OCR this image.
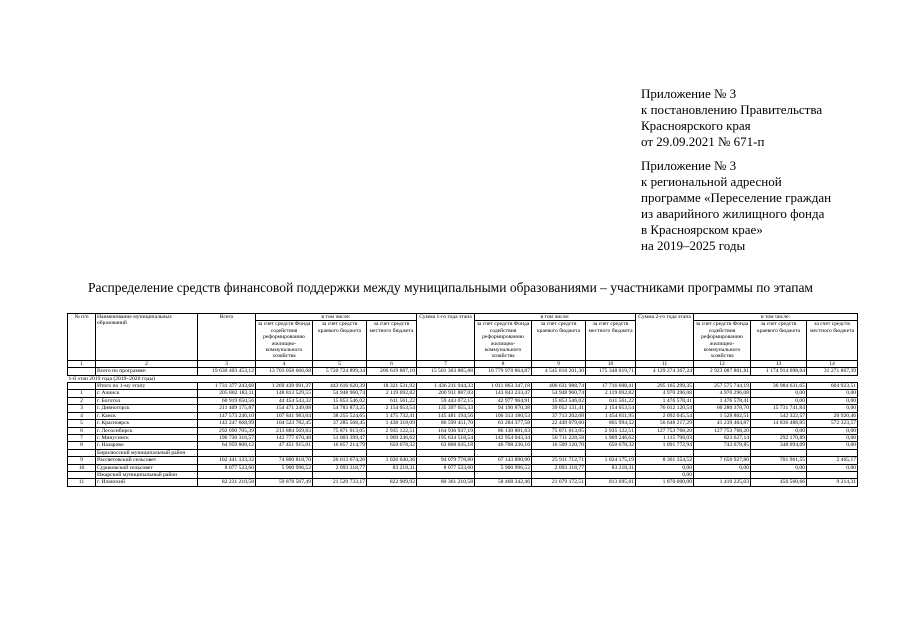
Приложение № 3
к постановлению Правительства
Красноярского края
от 29.09.2021 № 671-п
Приложение № 3
к региональной адресной
программе «Переселение граждан
из аварийного жилищного фонда
в Красноярском крае»
на 2019–2025 годы
Распределение средств финансовой поддержки между муниципальными образованиями – участниками программы по этапам
№ п/п	Наименование муниципальных образований	Всего	в том числе:			Сумма 1-го года этапа	в том числе:			Сумма 2-го года этапа	в том числе:		
			за счет средств Фонда содействия реформированию жилищно-коммунального хозяйства	за счет средств краевого бюджета	за счет средств местного бюджета		за счет средств Фонда содействия реформированию жилищно-коммунального хозяйства	за счет средств краевого бюджета	за счет средств местного бюджета		за счет средств Фонда содействия реформированию жилищно-коммунального хозяйства	за счет средств краевого бюджета	за счет средств местного бюджета
1	2	3	4	5	6	7	8	9	10	11	12	13	14
	Всего по программе:	19 630 403 453,12	13 703 058 666,68	5 720 724 899,34	206 619 887,10	15 501 303 885,88	10 779 970 864,87	4 545 810 201,30	175 348 019,71	4 129 274 367,24	2 923 087 801,81	1 174 914 698,04	31 271 867,39
1-й этап 2019 года (2019–2020 годы)													
	Итого по 1-му этапу	1 731 377 243,68	1 269 439 091,37	443 616 620,39	18 321 531,92	1 436 211 944,33	1 011 863 347,18	406 631 988,74	17 716 608,41	295 165 299,35	257 575 744,19	36 984 631,65	604 923,51
1	г. Ачинск	205 882 183,11	148 813 529,55	54 948 960,74	2 119 692,82	200 911 887,03	143 843 233,47	54 948 960,74	2 119 692,82	4 970 296,08	4 970 296,08	0,00	0,00
2	г. Боготол	60 919 650,56	44 454 543,32	15 853 546,02	611 561,22	59 443 072,15	42 977 964,91	15 853 546,02	611 561,22	1 476 578,41	1 476 578,41	0,00	0,00
3	г. Дивногорск	211 409 175,87	154 471 249,08	54 783 873,25	2 154 053,54	135 397 055,33	94 190 870,38	39 052 131,41	2 154 053,54	76 012 120,54	60 280 378,70	15 731 741,84	0,00
4	г. Канск	147 573 240,10	107 841 983,04	38 255 524,65	1 475 732,41	145 481 194,56	106 313 180,53	37 713 202,08	1 454 811,95	2 092 045,54	1 528 802,51	542 322,57	20 920,46
5	г. Красноярск	143 247 668,99	104 523 782,45	37 285 568,45	1 438 318,09	86 599 451,70	63 284 377,58	22 449 079,60	865 994,52	56 648 217,29	41 239 404,87	14 836 488,85	572 323,57
6	г. Лесосибирск	292 690 705,39	213 884 569,83	75 871 013,05	2 935 122,51	164 936 937,19	86 130 801,63	75 871 013,05	2 935 122,51	127 753 768,20	127 753 768,20	0,00	0,00
7	г. Минусинск	196 730 316,57	143 777 670,48	51 003 399,47	1 969 246,62	195 634 518,54	142 954 043,34	50 711 228,58	1 969 246,62	1 115 798,03	823 627,14	292 170,89	0,00
8	г. Назарово	64 959 808,12	47 451 915,01	16 857 214,79	650 678,32	63 868 035,18	46 708 236,16	16 509 120,70	650 678,32	1 091 772,94	743 678,85	348 094,09	0,00
	Бирилюсский муниципальный район												
9	Рассветовский сельсовет	102 441 133,32	74 800 818,70	26 613 674,26	1 026 640,36	94 079 778,80	67 143 890,90	25 911 712,71	1 024 175,19	8 361 354,52	7 656 927,80	701 961,55	2 465,17
10	Суриковский сельсовет	8 077 533,60	5 900 996,52	2 093 318,77	83 218,31	8 077 533,60	5 900 996,52	2 093 318,77	83 218,31	0,00	0,00	0,00	0,00
	Ижарский муниципальный район									0,00			
11	г. Иланский	82 231 210,58	59 878 567,49	21 529 733,17	822 909,92	80 361 210,58	58 468 342,46	21 079 172,51	813 695,61	1 870 000,00	1 410 225,03	450 560,66	9 214,31
